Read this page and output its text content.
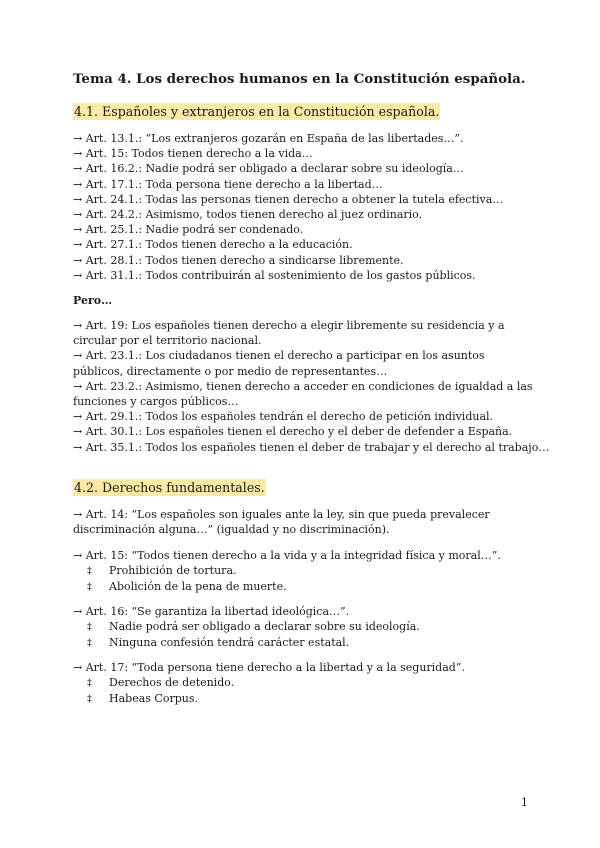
Tema 4. Los derechos humanos en la Constitución española.
4.1. Españoles y extranjeros en la Constitución española.
→ Art. 13.1.: “Los extranjeros gozarán en España de las libertades…”.
→ Art. 15: Todos tienen derecho a la vida…
→ Art. 16.2.: Nadie podrá ser obligado a declarar sobre su ideología…
→ Art. 17.1.: Toda persona tiene derecho a la libertad…
→ Art. 24.1.: Todas las personas tienen derecho a obtener la tutela efectiva…
→ Art. 24.2.: Asimismo, todos tienen derecho al juez ordinario.
→ Art. 25.1.: Nadie podrá ser condenado.
→ Art. 27.1.: Todos tienen derecho a la educación.
→ Art. 28.1.: Todos tienen derecho a sindicarse libremente.
→ Art. 31.1.: Todos contribuirán al sostenimiento de los gastos públicos.
Pero…
→ Art. 19: Los españoles tienen derecho a elegir libremente su residencia y a circular por el territorio nacional.
→ Art. 23.1.: Los ciudadanos tienen el derecho a participar en los asuntos públicos, directamente o por medio de representantes…
→ Art. 23.2.: Asimismo, tienen derecho a acceder en condiciones de igualdad a las funciones y cargos públicos…
→ Art. 29.1.: Todos los españoles tendrán el derecho de petición individual.
→ Art. 30.1.: Los españoles tienen el derecho y el deber de defender a España.
→ Art. 35.1.: Todos los españoles tienen el deber de trabajar y el derecho al trabajo…
4.2. Derechos fundamentales.
→ Art. 14: “Los españoles son iguales ante la ley, sin que pueda prevalecer discriminación alguna…” (igualdad y no discriminación).
→ Art. 15: “Todos tienen derecho a la vida y a la integridad física y moral…”.
‡ Prohibición de tortura.
‡ Abolición de la pena de muerte.
→ Art. 16: “Se garantiza la libertad ideológica…”.
‡ Nadie podrá ser obligado a declarar sobre su ideología.
‡ Ninguna confesión tendrá carácter estatal.
→ Art. 17: “Toda persona tiene derecho a la libertad y a la seguridad”.
‡ Derechos de detenido.
‡ Habeas Corpus.
1
